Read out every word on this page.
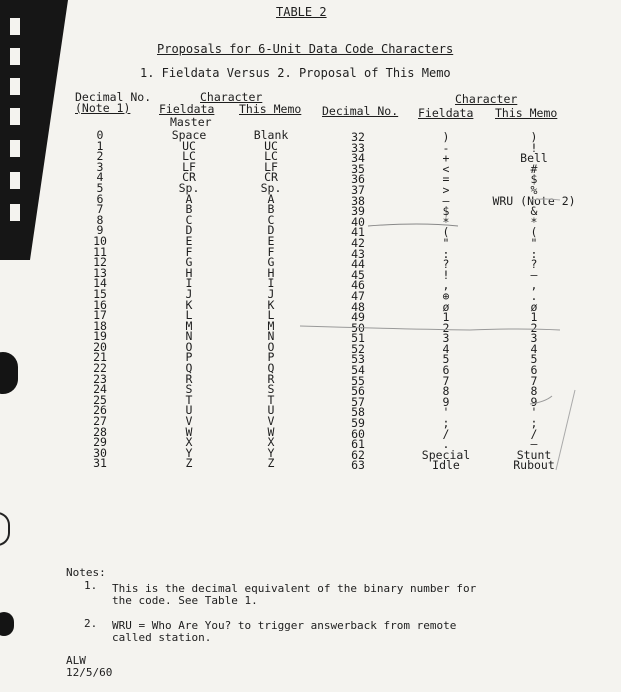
TABLE 2
Proposals for 6-Unit Data Code Characters
1. Fieldata Versus 2. Proposal of This Memo
Decimal No.
(Note 1)
Character
Fieldata This Memo
Master
Decimal No.
Character
Fieldata This Memo
0
1
2
3
4
5
6
7
8
9
10
11
12
13
14
15
16
17
18
19
20
21
22
23
24
25
26
27
28
29
30
31
Space
UC
LC
LF
CR
Sp.
A
B
C
D
E
F
G
H
I
J
K
L
M
N
O
P
Q
R
S
T
U
V
W
X
Y
Z
Blank
UC
LC
LF
CR
Sp.
A
B
C
D
E
F
G
H
I
J
K
L
M
N
O
P
Q
R
S
T
U
V
W
X
Y
Z
32
33
34
35
36
37
38
39
40
41
42
43
44
45
46
47
48
49
50
51
52
53
54
55
56
57
58
59
60
61
62
63
)
-
+
<
=
>
—
$
*
(
"
:
?
!
,
⊕
ø
1
2
3
4
5
6
7
8
9
'
;
/
.
Special
Idle
)
!
Bell
#
$
%
WRU (Note 2)
&
*
(
"
:
?
—
,
.
ø
1
2
3
4
5
6
7
8
9
'
;
/
—
Stunt
Rubout
Notes:
1. This is the decimal equivalent of the binary number for
the code. See Table 1.
2. WRU = Who Are You? to trigger answerback from remote
called station.
ALW
12/5/60
